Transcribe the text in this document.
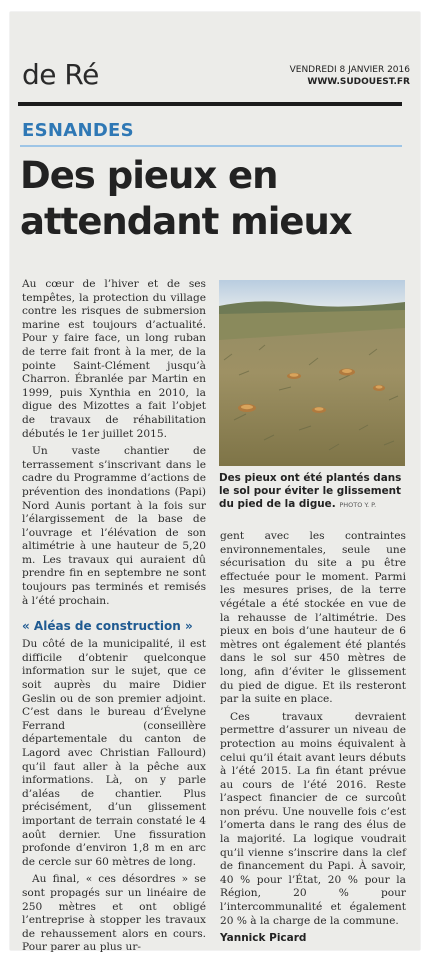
de Ré	VENDREDI 8 JANVIER 2016
WWW.SUDOUEST.FR
ESNANDES
Des pieux en attendant mieux

Au cœur de l’hiver et de ses tempêtes, la protection du village contre les risques de submersion marine est toujours d’actualité. Pour y faire face, un long ruban de terre fait front à la mer, de la pointe Saint-Clément jusqu’à Charron. Ébranlée par Martin en 1999, puis Xynthia en 2010, la digue des Mizottes a fait l’objet de travaux de réhabilitation débutés le 1er juillet 2015.

Un vaste chantier de terrassement s’inscrivant dans le cadre du Programme d’actions de prévention des inondations (Papi) Nord Aunis portant à la fois sur l’élargissement de la base de l’ouvrage et l’élévation de son altimétrie à une hauteur de 5,20 m. Les travaux qui auraient dû prendre fin en septembre ne sont toujours pas terminés et remisés à l’été prochain.

« Aléas de construction »

Du côté de la municipalité, il est difficile d’obtenir quelconque information sur le sujet, que ce soit auprès du maire Didier Geslin ou de son premier adjoint. C’est dans le bureau d’Évelyne Ferrand (conseillère départementale du canton de Lagord avec Christian Fallourd) qu’il faut aller à la pêche aux informations. Là, on y parle d’aléas de chantier. Plus précisément, d’un glissement important de terrain constaté le 4 août dernier. Une fissuration profonde d’environ 1,8 m en arc de cercle sur 60 mètres de long.

Au final, « ces désordres » se sont propagés sur un linéaire de 250 mètres et ont obligé l’entreprise à stopper les travaux de rehaussement alors en cours. Pour parer au plus ur-

Des pieux ont été plantés dans le sol pour éviter le glissement du pied de la digue. PHOTO Y. P.

gent avec les contraintes environnementales, seule une sécurisation du site a pu être effectuée pour le moment. Parmi les mesures prises, de la terre végétale a été stockée en vue de la rehausse de l’altimétrie. Des pieux en bois d’une hauteur de 6 mètres ont également été plantés dans le sol sur 450 mètres de long, afin d’éviter le glissement du pied de digue. Et ils resteront par la suite en place.

Ces travaux devraient permettre d’assurer un niveau de protection au moins équivalent à celui qu’il était avant leurs débuts à l’été 2015. La fin étant prévue au cours de l’été 2016. Reste l’aspect financier de ce surcoût non prévu. Une nouvelle fois c’est l’omerta dans le rang des élus de la majorité. La logique voudrait qu’il vienne s’inscrire dans la clef de financement du Papi. À savoir, 40 % pour l’État, 20 % pour la Région, 20 % pour l’intercommunalité et également 20 % à la charge de la commune.

Yannick Picard
